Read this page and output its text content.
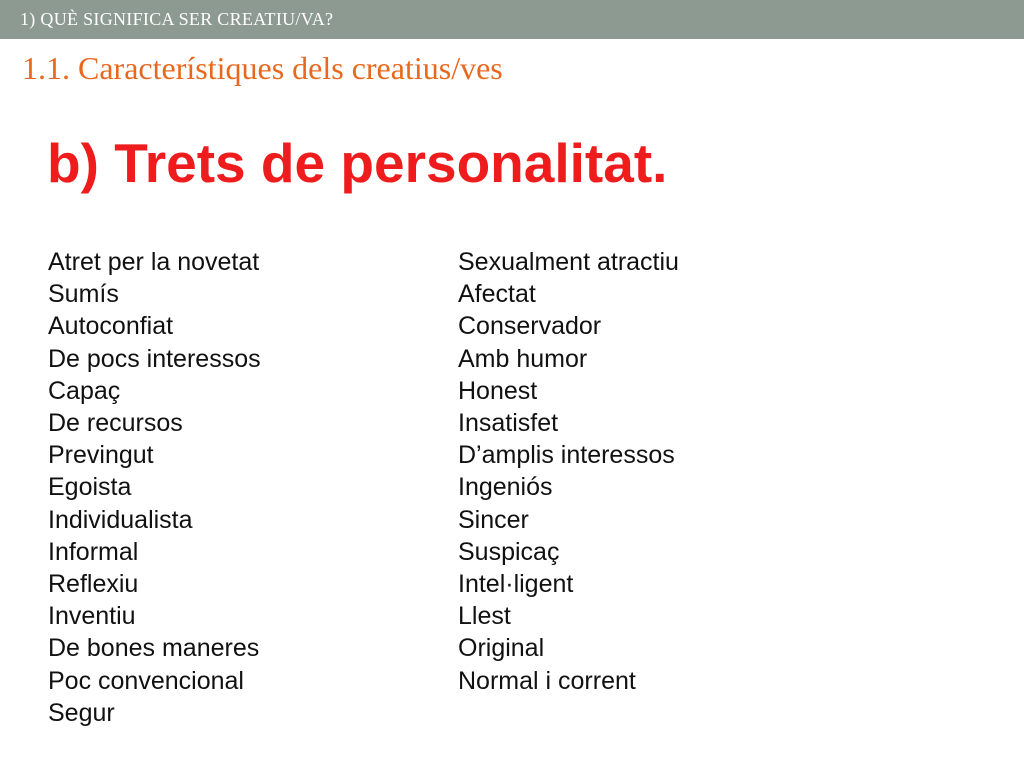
1) QUÈ SIGNIFICA SER CREATIU/VA?
1.1. Característiques dels creatius/ves
b) Trets de personalitat.
Atret per la novetat
Sumís
Autoconfiat
De pocs interessos
Capaç
De recursos
Previngut
Egoista
Individualista
Informal
Reflexiu
Inventiu
De bones maneres
Poc convencional
Segur
Sexualment atractiu
Afectat
Conservador
Amb humor
Honest
Insatisfet
D’amplis interessos
Ingeniós
Sincer
Suspicaç
Intel·ligent
Llest
Original
Normal i corrent
